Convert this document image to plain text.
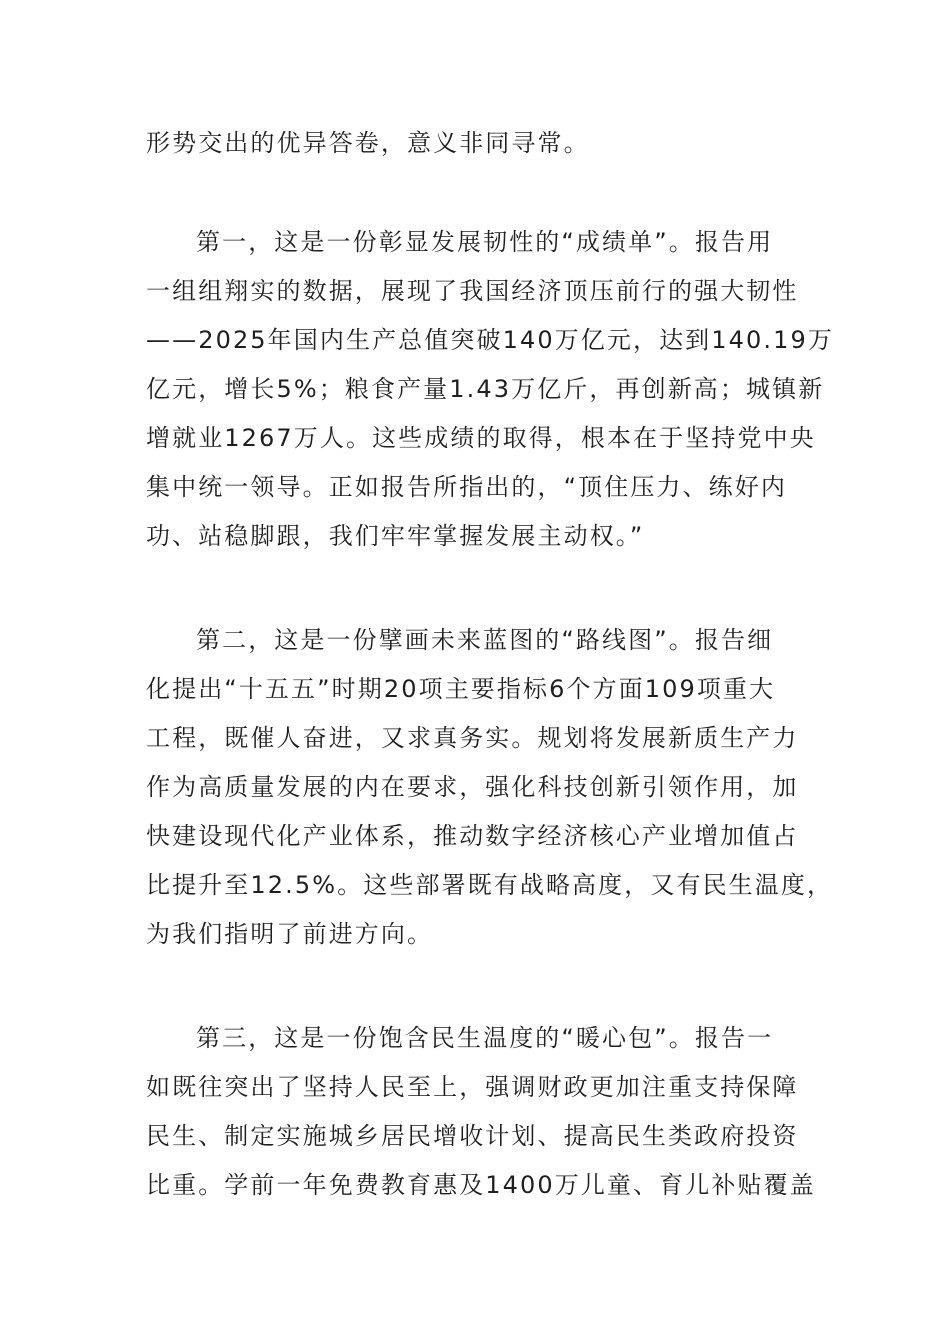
形势交出的优异答卷，意义非同寻常。
第一，这是一份彰显发展韧性的“成绩单”。报告用
一组组翔实的数据，展现了我国经济顶压前行的强大韧性
——2025年国内生产总值突破140万亿元，达到140.19万
亿元，增长5%；粮食产量1.43万亿斤，再创新高；城镇新
增就业1267万人。这些成绩的取得，根本在于坚持党中央
集中统一领导。正如报告所指出的，“顶住压力、练好内
功、站稳脚跟，我们牢牢掌握发展主动权。”
第二，这是一份擘画未来蓝图的“路线图”。报告细
化提出“十五五”时期20项主要指标6个方面109项重大
工程，既催人奋进，又求真务实。规划将发展新质生产力
作为高质量发展的内在要求，强化科技创新引领作用，加
快建设现代化产业体系，推动数字经济核心产业增加值占
比提升至12.5%。这些部署既有战略高度，又有民生温度，
为我们指明了前进方向。
第三，这是一份饱含民生温度的“暖心包”。报告一
如既往突出了坚持人民至上，强调财政更加注重支持保障
民生、制定实施城乡居民增收计划、提高民生类政府投资
比重。学前一年免费教育惠及1400万儿童、育儿补贴覆盖
